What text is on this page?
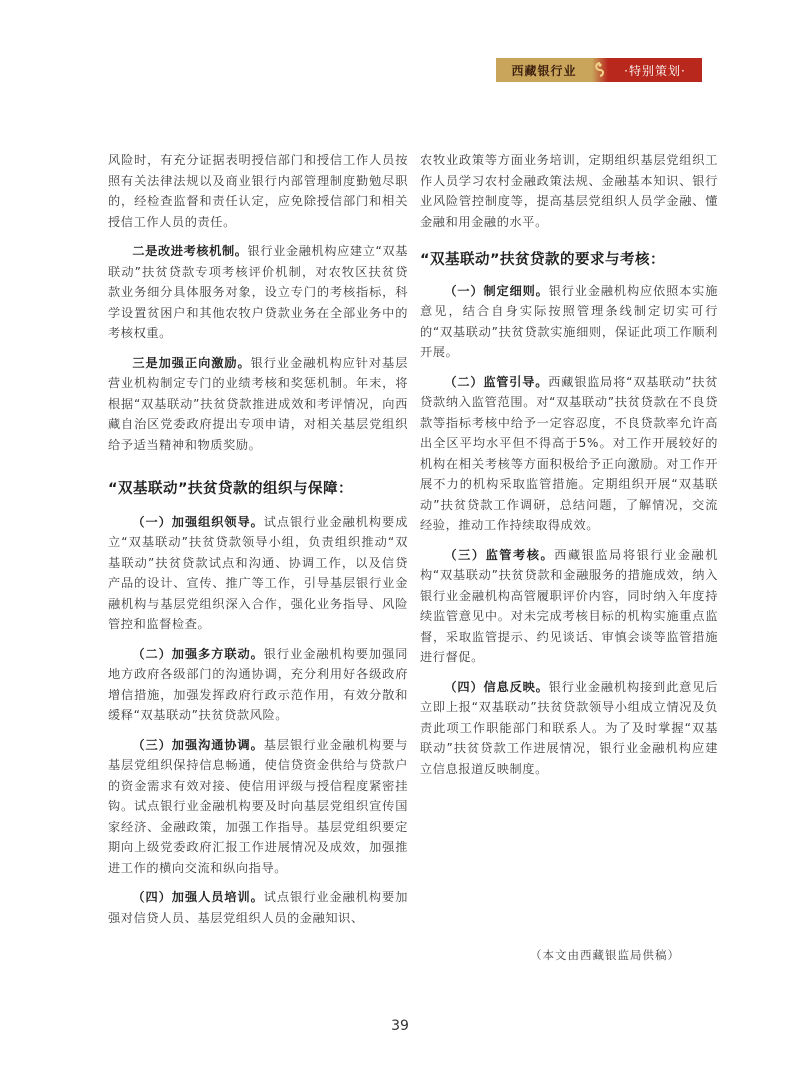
西藏银行业	·特别策划·

风险时，有充分证据表明授信部门和授信工作人员按照有关法律法规以及商业银行内部管理制度勤勉尽职的，经检查监督和责任认定，应免除授信部门和相关授信工作人员的责任。

二是改进考核机制。银行业金融机构应建立“双基联动”扶贫贷款专项考核评价机制，对农牧区扶贫贷款业务细分具体服务对象，设立专门的考核指标，科学设置贫困户和其他农牧户贷款业务在全部业务中的考核权重。

三是加强正向激励。银行业金融机构应针对基层营业机构制定专门的业绩考核和奖惩机制。年末，将根据“双基联动”扶贫贷款推进成效和考评情况，向西藏自治区党委政府提出专项申请，对相关基层党组织给予适当精神和物质奖励。

“双基联动”扶贫贷款的组织与保障：

（一）加强组织领导。试点银行业金融机构要成立“双基联动”扶贫贷款领导小组，负责组织推动“双基联动”扶贫贷款试点和沟通、协调工作，以及信贷产品的设计、宣传、推广等工作，引导基层银行业金融机构与基层党组织深入合作，强化业务指导、风险管控和监督检查。

（二）加强多方联动。银行业金融机构要加强同地方政府各级部门的沟通协调，充分利用好各级政府增信措施，加强发挥政府行政示范作用，有效分散和缓释“双基联动”扶贫贷款风险。

（三）加强沟通协调。基层银行业金融机构要与基层党组织保持信息畅通，使信贷资金供给与贷款户的资金需求有效对接、使信用评级与授信程度紧密挂钩。试点银行业金融机构要及时向基层党组织宣传国家经济、金融政策，加强工作指导。基层党组织要定期向上级党委政府汇报工作进展情况及成效，加强推进工作的横向交流和纵向指导。

（四）加强人员培训。试点银行业金融机构要加强对信贷人员、基层党组织人员的金融知识、

农牧业政策等方面业务培训，定期组织基层党组织工作人员学习农村金融政策法规、金融基本知识、银行业风险管控制度等，提高基层党组织人员学金融、懂金融和用金融的水平。

“双基联动”扶贫贷款的要求与考核：

（一）制定细则。银行业金融机构应依照本实施意见，结合自身实际按照管理条线制定切实可行的“双基联动”扶贫贷款实施细则，保证此项工作顺利开展。

（二）监管引导。西藏银监局将“双基联动”扶贫贷款纳入监管范围。对“双基联动”扶贫贷款在不良贷款等指标考核中给予一定容忍度，不良贷款率允许高出全区平均水平但不得高于5%。对工作开展较好的机构在相关考核等方面积极给予正向激励。对工作开展不力的机构采取监管措施。定期组织开展“双基联动”扶贫贷款工作调研，总结问题，了解情况，交流经验，推动工作持续取得成效。

（三）监管考核。西藏银监局将银行业金融机构“双基联动”扶贫贷款和金融服务的措施成效，纳入银行业金融机构高管履职评价内容，同时纳入年度持续监管意见中。对未完成考核目标的机构实施重点监督，采取监管提示、约见谈话、审慎会谈等监管措施进行督促。

（四）信息反映。银行业金融机构接到此意见后立即上报“双基联动”扶贫贷款领导小组成立情况及负责此项工作职能部门和联系人。为了及时掌握“双基联动”扶贫贷款工作进展情况，银行业金融机构应建立信息报道反映制度。

（本文由西藏银监局供稿）
39
